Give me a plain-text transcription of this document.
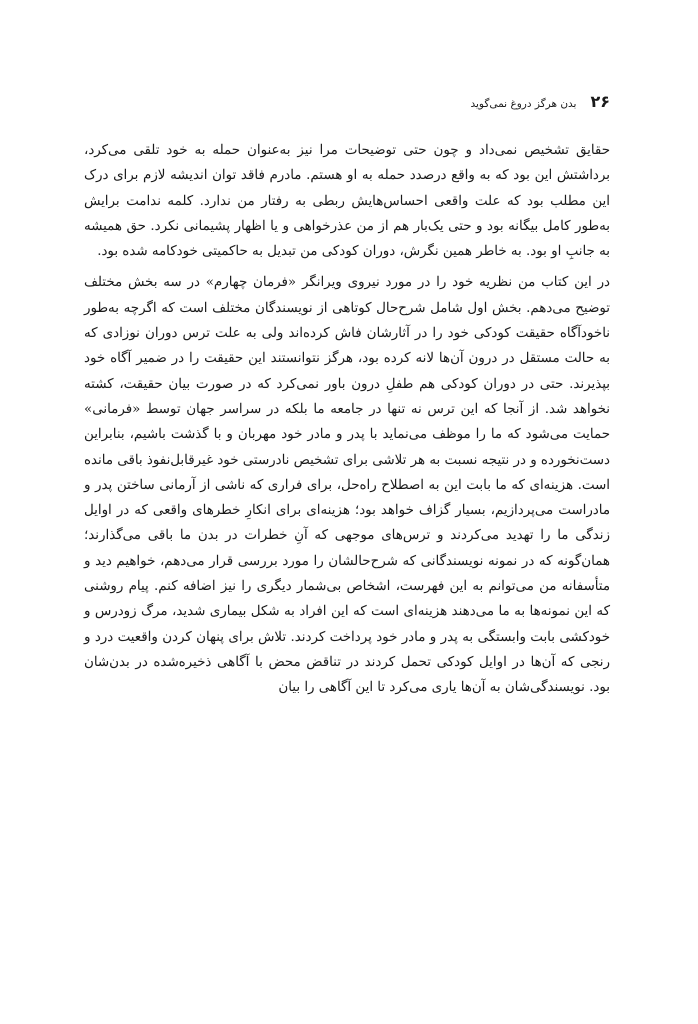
۲۶
بدن هرگز دروغ نمی‌گوید

حقایق تشخیص نمی‌داد و چون حتی توضیحات مرا نیز به‌عنوان حمله به خود تلقی می‌کرد، برداشتش این بود که به واقع درصدد حمله به او هستم. مادرم فاقد توان اندیشه لازم برای درک این مطلب بود که علت واقعی احساس‌هایش ربطی به رفتار من ندارد. کلمه ندامت برایش به‌طور کامل بیگانه بود و حتی یک‌بار هم از من عذرخواهی و یا اظهار پشیمانی نکرد. حق همیشه به جانبِ او بود. به خاطر همین نگرش، دوران کودکی من تبدیل به حاکمیتی خودکامه شده بود.

در این کتاب من نظریه خود را در مورد نیروی ویرانگر «فرمان چهارم» در سه بخش مختلف توضیح می‌دهم. بخش اول شامل شرح‌حال کوتاهی از نویسندگان مختلف است که اگرچه به‌طور ناخودآگاه حقیقت کودکی خود را در آثارشان فاش کرده‌اند ولی به علت ترس دوران نوزادی که به حالت مستقل در درون آن‌ها لانه کرده بود، هرگز نتوانستند این حقیقت را در ضمیر آگاه خود بپذیرند. حتی در دوران کودکی هم طفلِ درون باور نمی‌کرد که در صورت بیان حقیقت، کشته نخواهد شد. از آنجا که این ترس نه تنها در جامعه ما بلکه در سراسر جهان توسط «فرمانی» حمایت می‌شود که ما را موظف می‌نماید با پدر و مادر خود مهربان و با گذشت باشیم، بنابراین دست‌نخورده و در نتیجه نسبت به هر تلاشی برای تشخیص نادرستی خود غیرقابل‌نفوذ باقی مانده است. هزینه‌ای که ما بابت این به اصطلاح راه‌حل، برای فراری که ناشی از آرمانی ساختن پدر و مادراست می‌پردازیم، بسیار گزاف خواهد بود؛ هزینه‌ای برای انکارِ خطرهای واقعی که در اوایل زندگی ما را تهدید می‌کردند و ترس‌های موجهی که آنِ خطرات در بدن ما باقی می‌گذارند؛ همان‌گونه که در نمونه نویسندگانی که شرح‌حالشان را مورد بررسی قرار می‌دهم، خواهیم دید و متأسفانه من می‌توانم به این فهرست، اشخاص بی‌شمار دیگری را نیز اضافه کنم. پیام روشنی که این نمونه‌ها به ما می‌دهند هزینه‌ای است که این افراد به شکل بیماری شدید، مرگ زودرس و خودکشی بابت وابستگی به پدر و مادر خود پرداخت کردند. تلاش برای پنهان کردن واقعیت درد و رنجی که آن‌ها در اوایل کودکی تحمل کردند در تناقض محض با آگاهی ذخیره‌شده در بدن‌شان بود. نویسندگی‌شان به آن‌ها یاری می‌کرد تا این آگاهی را بیان
